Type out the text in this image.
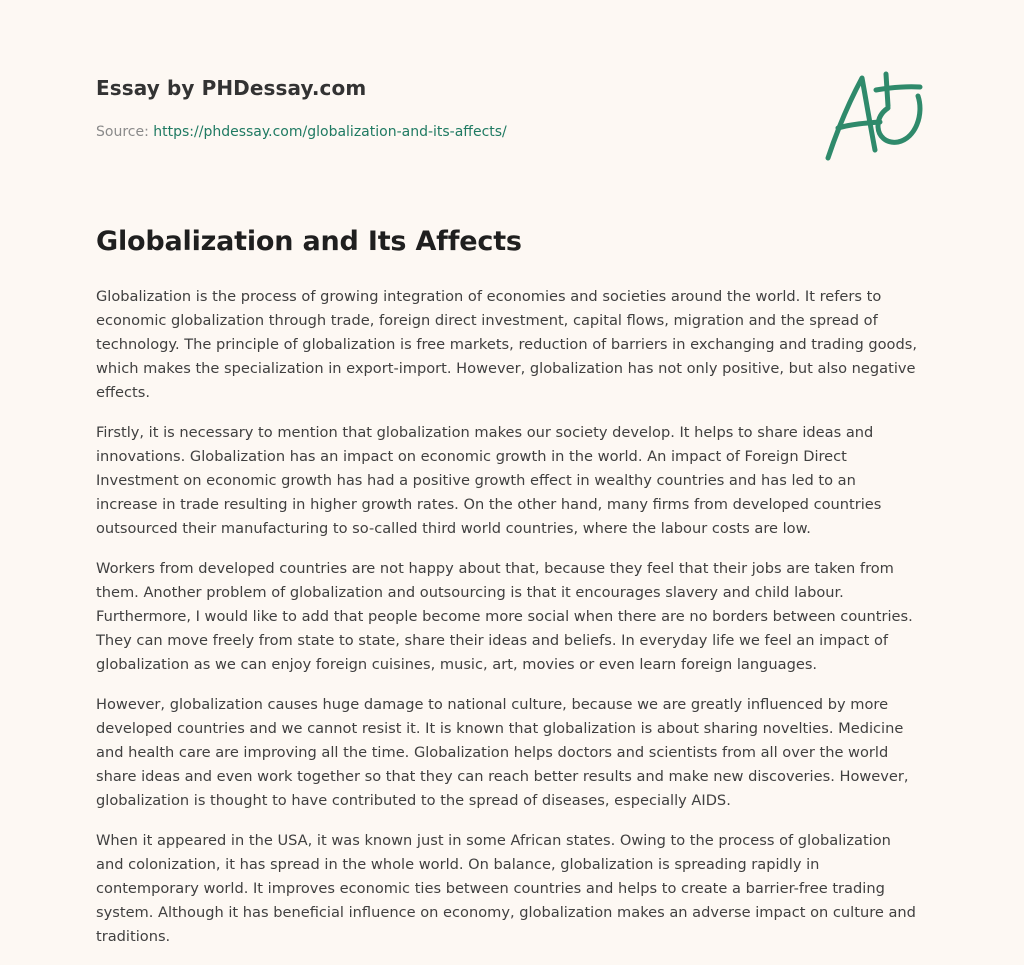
Essay by PHDessay.com
Source: https://phdessay.com/globalization-and-its-affects/
Globalization and Its Affects

Globalization is the process of growing integration of economies and societies around the world. It refers to economic globalization through trade, foreign direct investment, capital flows, migration and the spread of technology. The principle of globalization is free markets, reduction of barriers in exchanging and trading goods, which makes the specialization in export-import. However, globalization has not only positive, but also negative effects.

Firstly, it is necessary to mention that globalization makes our society develop. It helps to share ideas and innovations. Globalization has an impact on economic growth in the world. An impact of Foreign Direct Investment on economic growth has had a positive growth effect in wealthy countries and has led to an increase in trade resulting in higher growth rates. On the other hand, many firms from developed countries outsourced their manufacturing to so-called third world countries, where the labour costs are low.

Workers from developed countries are not happy about that, because they feel that their jobs are taken from them. Another problem of globalization and outsourcing is that it encourages slavery and child labour. Furthermore, I would like to add that people become more social when there are no borders between countries. They can move freely from state to state, share their ideas and beliefs. In everyday life we feel an impact of globalization as we can enjoy foreign cuisines, music, art, movies or even learn foreign languages.

However, globalization causes huge damage to national culture, because we are greatly influenced by more developed countries and we cannot resist it. It is known that globalization is about sharing novelties. Medicine and health care are improving all the time. Globalization helps doctors and scientists from all over the world share ideas and even work together so that they can reach better results and make new discoveries. However, globalization is thought to have contributed to the spread of diseases, especially AIDS.

When it appeared in the USA, it was known just in some African states. Owing to the process of globalization and colonization, it has spread in the whole world. On balance, globalization is spreading rapidly in contemporary world. It improves economic ties between countries and helps to create a barrier-free trading system. Although it has beneficial influence on economy, globalization makes an adverse impact on culture and traditions.
